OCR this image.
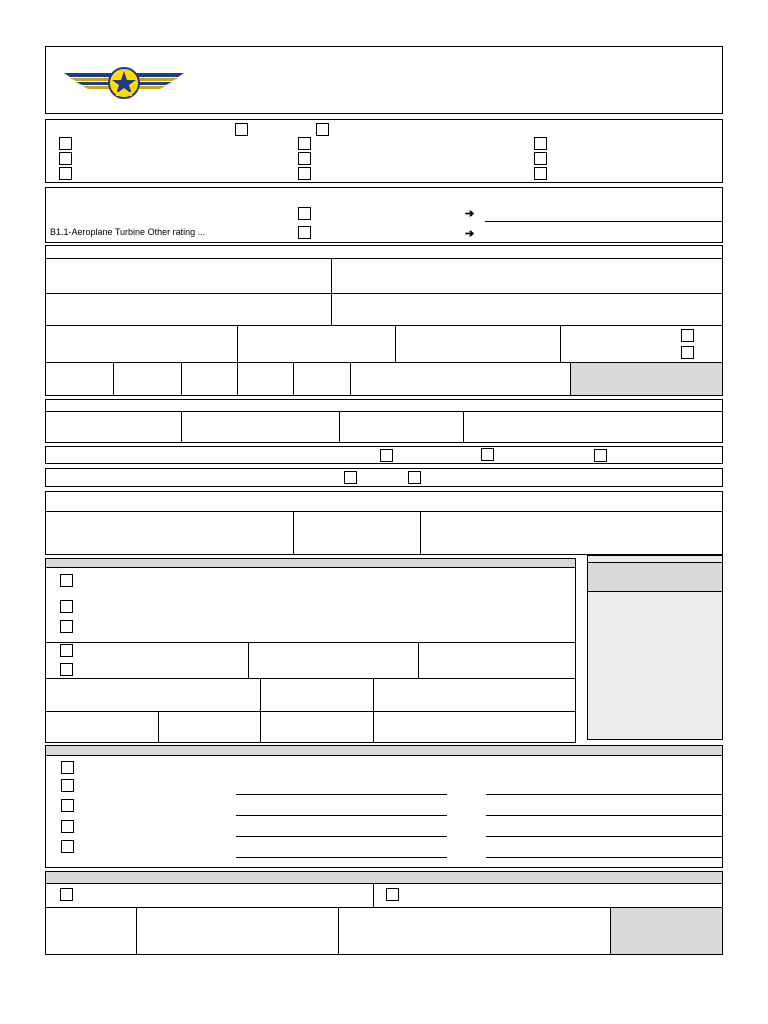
➔
➔
B1.1-Aeroplane Turbine Other rating ...
